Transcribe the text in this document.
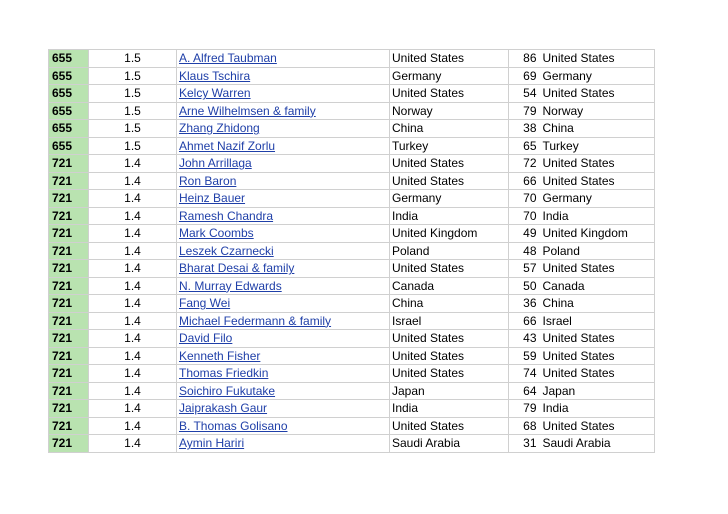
655	1.5	A. Alfred Taubman	United States	86	United States
655	1.5	Klaus Tschira	Germany	69	Germany
655	1.5	Kelcy Warren	United States	54	United States
655	1.5	Arne Wilhelmsen & family	Norway	79	Norway
655	1.5	Zhang Zhidong	China	38	China
655	1.5	Ahmet Nazif Zorlu	Turkey	65	Turkey
721	1.4	John Arrillaga	United States	72	United States
721	1.4	Ron Baron	United States	66	United States
721	1.4	Heinz Bauer	Germany	70	Germany
721	1.4	Ramesh Chandra	India	70	India
721	1.4	Mark Coombs	United Kingdom	49	United Kingdom
721	1.4	Leszek Czarnecki	Poland	48	Poland
721	1.4	Bharat Desai & family	United States	57	United States
721	1.4	N. Murray Edwards	Canada	50	Canada
721	1.4	Fang Wei	China	36	China
721	1.4	Michael Federmann & family	Israel	66	Israel
721	1.4	David Filo	United States	43	United States
721	1.4	Kenneth Fisher	United States	59	United States
721	1.4	Thomas Friedkin	United States	74	United States
721	1.4	Soichiro Fukutake	Japan	64	Japan
721	1.4	Jaiprakash Gaur	India	79	India
721	1.4	B. Thomas Golisano	United States	68	United States
721	1.4	Aymin Hariri	Saudi Arabia	31	Saudi Arabia
